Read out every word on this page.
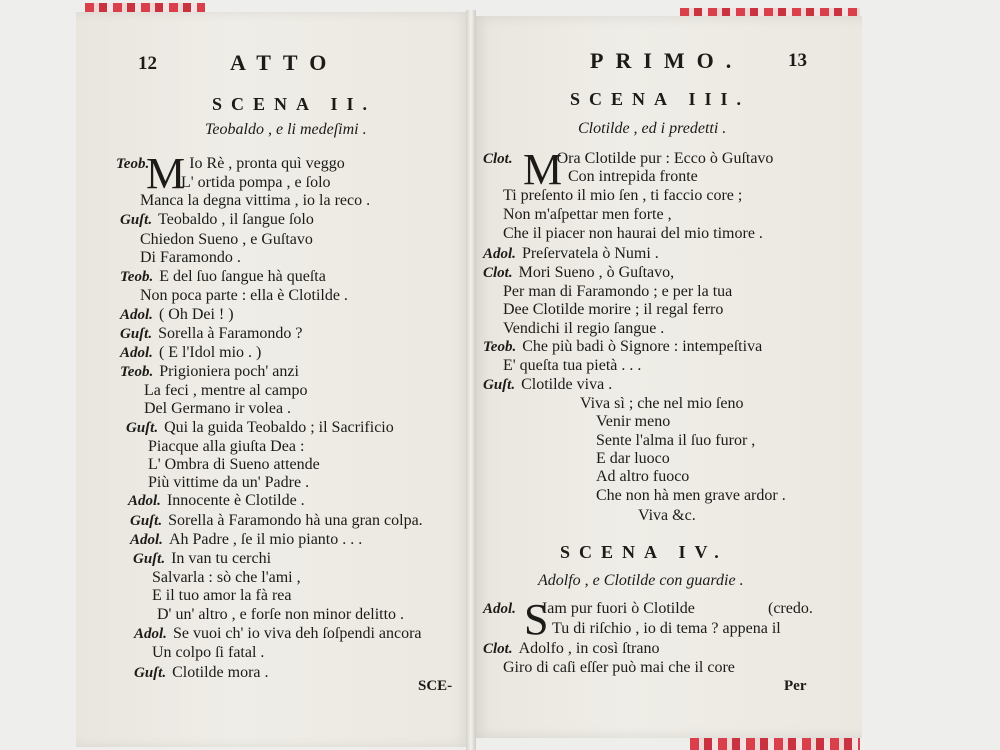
12	ATTO
SCENA II.
Teobaldo , e li medeſimi .
M
Teob.	Io Rè , pronta quì veggo
L' ortida pompa , e ſolo
Manca la degna vittima , io la reco .
Guſt. Teobaldo , il ſangue ſolo
Chiedon Sueno , e Guſtavo
Di Faramondo .
Teob. E del ſuo ſangue hà queſta
Non poca parte : ella è Clotilde .
Adol. ( Oh Dei ! )
Guſt. Sorella à Faramondo ?
Adol. ( E l'Idol mio . )
Teob. Prigioniera poch' anzi
La feci , mentre al campo
Del Germano ir volea .
Guſt. Qui la guida Teobaldo ; il Sacrificio
Piacque alla giuſta Dea :
L' Ombra di Sueno attende
Più vittime da un' Padre .
Adol. Innocente è Clotilde .
Guſt. Sorella à Faramondo hà una gran colpa.
Adol. Ah Padre , ſe il mio pianto . . .
Guſt. In van tu cerchi
Salvarla : sò che l'ami ,
E il tuo amor la fà rea
D' un' altro , e forſe non minor delitto .
Adol. Se vuoi ch' io viva deh ſoſpendi ancora
Un colpo ſi fatal .
Guſt. Clotilde mora .
SCE-
PRIMO. 13
SCENA III.
Clotilde , ed i predetti .
M
Clot.	Ora Clotilde pur : Ecco ò Guſtavo
Con intrepida fronte
Ti preſento il mio ſen , ti faccio core ;
Non m'aſpettar men forte ,
Che il piacer non haurai del mio timore .
Adol. Preſervatela ò Numi .
Clot. Mori Sueno , ò Guſtavo,
Per man di Faramondo ; e per la tua
Dee Clotilde morire ; il regal ferro
Vendichi il regio ſangue .
Teob. Che più badi ò Signore : intempeſtiva
E' queſta tua pietà . . .
Guſt. Clotilde viva .
Viva sì ; che nel mio ſeno
Venir meno
Sente l'alma il ſuo furor ,
E dar luoco
Ad altro fuoco
Che non hà men grave ardor .
Viva &c.
SCENA IV.
Adolfo , e Clotilde con guardie .
S
Adol. Iam pur fuori ò Clotilde	(credo.
Tu di riſchio , io di tema ? appena il
Clot. Adolfo , in così ſtrano
Giro di caſi eſſer può mai che il core
Per
